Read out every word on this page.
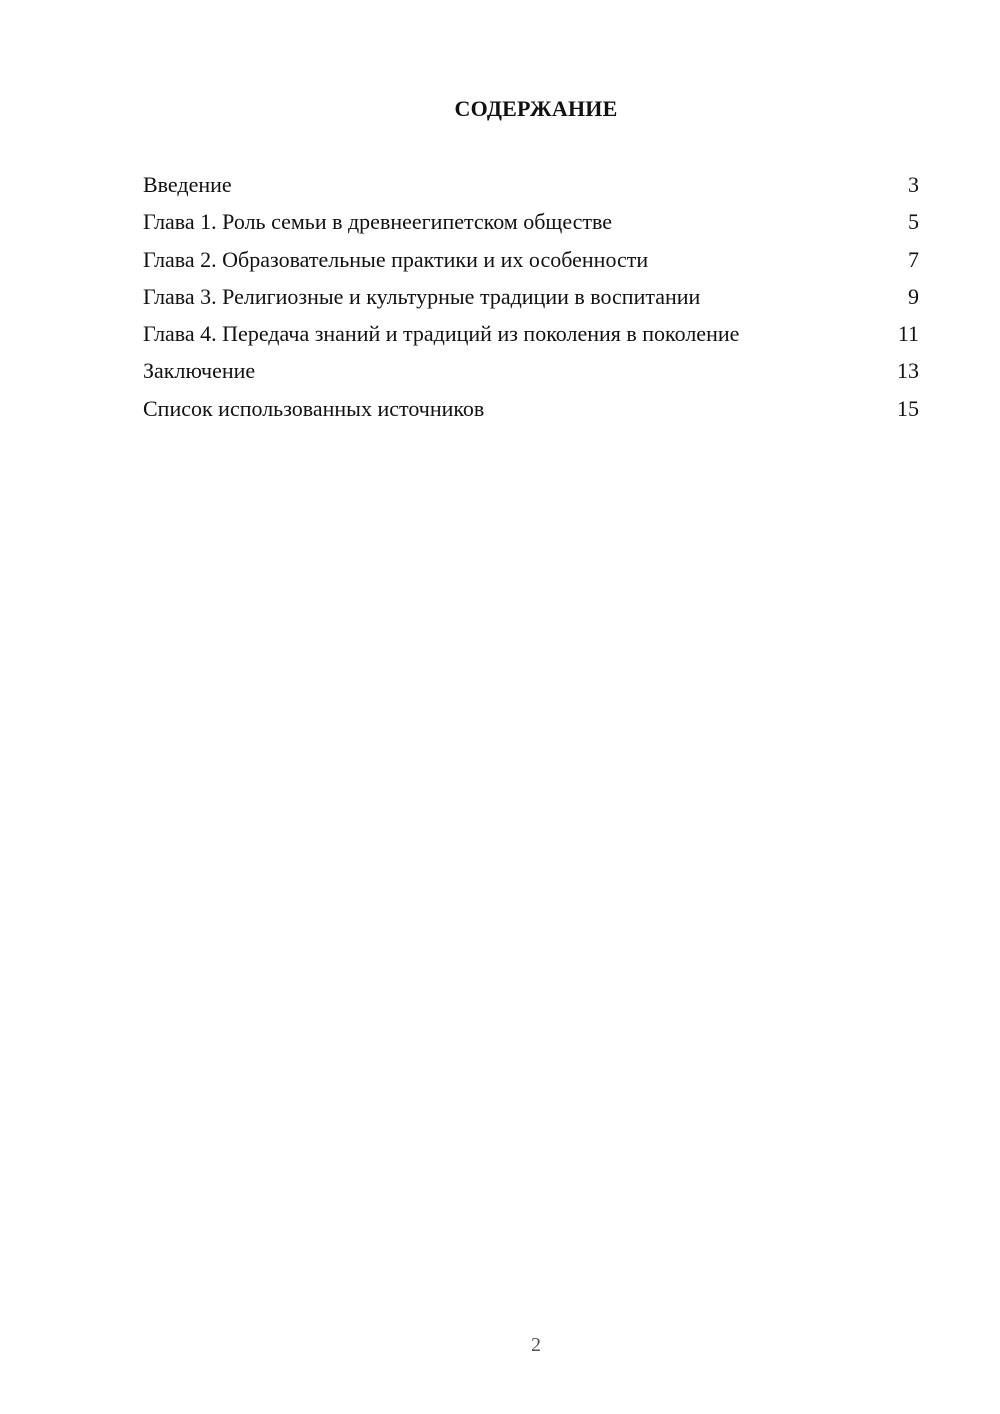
СОДЕРЖАНИЕ
Введение	3
Глава 1. Роль семьи в древнеегипетском обществе	5
Глава 2. Образовательные практики и их особенности	7
Глава 3. Религиозные и культурные традиции в воспитании	9
Глава 4. Передача знаний и традиций из поколения в поколение	11
Заключение	13
Список использованных источников	15
2
